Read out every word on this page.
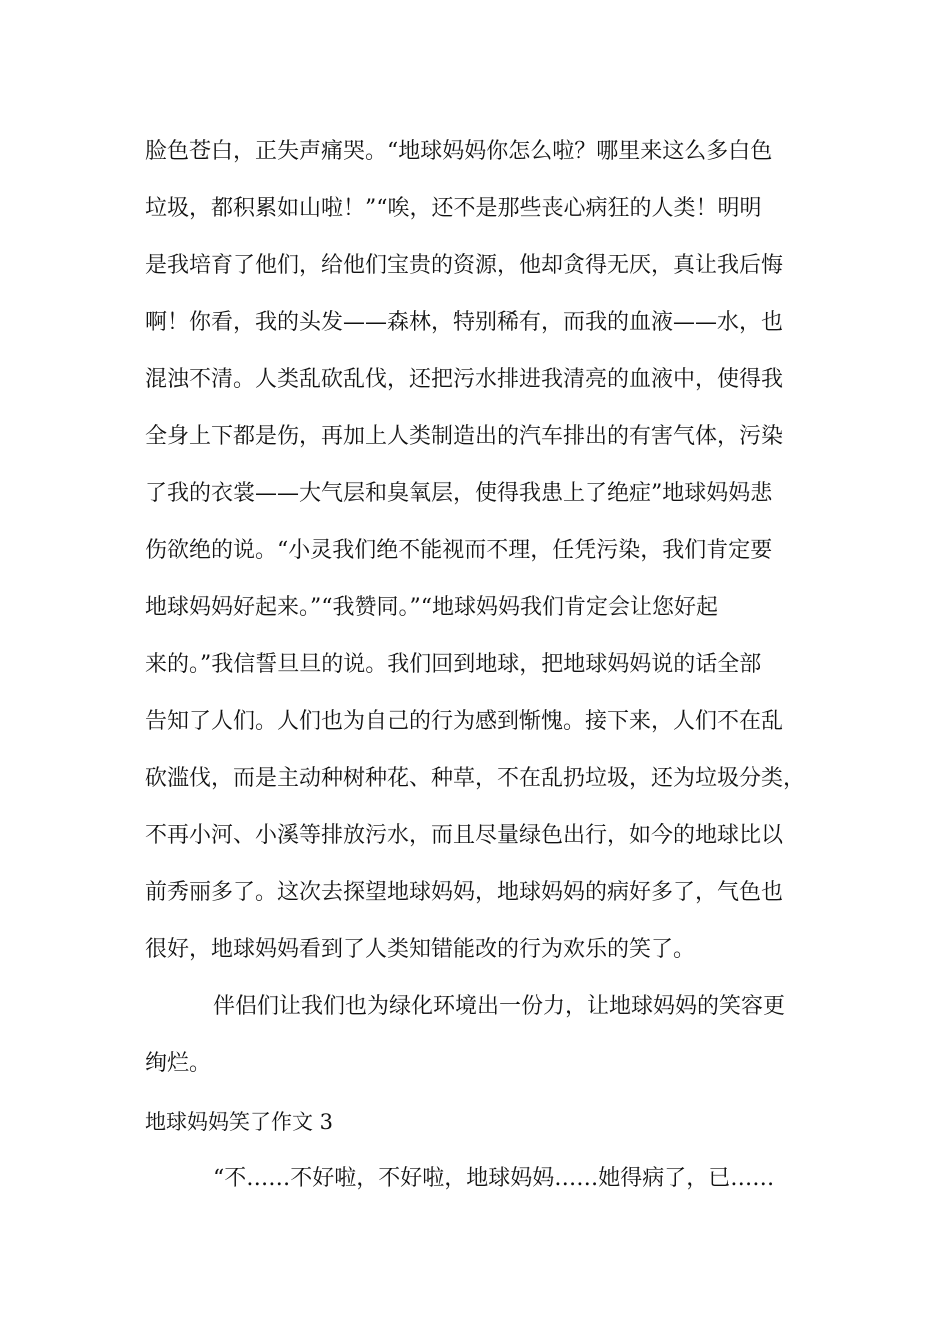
脸色苍白，正失声痛哭。“地球妈妈你怎么啦？哪里来这么多白色
垃圾，都积累如山啦！”“唉，还不是那些丧心病狂的人类！明明
是我培育了他们，给他们宝贵的资源，他却贪得无厌，真让我后悔
啊！你看，我的头发——森林，特别稀有，而我的血液——水，也
混浊不清。人类乱砍乱伐，还把污水排进我清亮的血液中，使得我
全身上下都是伤，再加上人类制造出的汽车排出的有害气体，污染
了我的衣裳——大气层和臭氧层，使得我患上了绝症”地球妈妈悲
伤欲绝的说。“小灵我们绝不能视而不理，任凭污染，我们肯定要
地球妈妈好起来。”“我赞同。”“地球妈妈我们肯定会让您好起
来的。”我信誓旦旦的说。我们回到地球，把地球妈妈说的话全部
告知了人们。人们也为自己的行为感到惭愧。接下来，人们不在乱
砍滥伐，而是主动种树种花、种草，不在乱扔垃圾，还为垃圾分类，
不再小河、小溪等排放污水，而且尽量绿色出行，如今的地球比以
前秀丽多了。这次去探望地球妈妈，地球妈妈的病好多了，气色也
很好，地球妈妈看到了人类知错能改的行为欢乐的笑了。
伴侣们让我们也为绿化环境出一份力，让地球妈妈的笑容更
绚烂。
地球妈妈笑了作文 3
“不……不好啦，不好啦，地球妈妈……她得病了，已……
